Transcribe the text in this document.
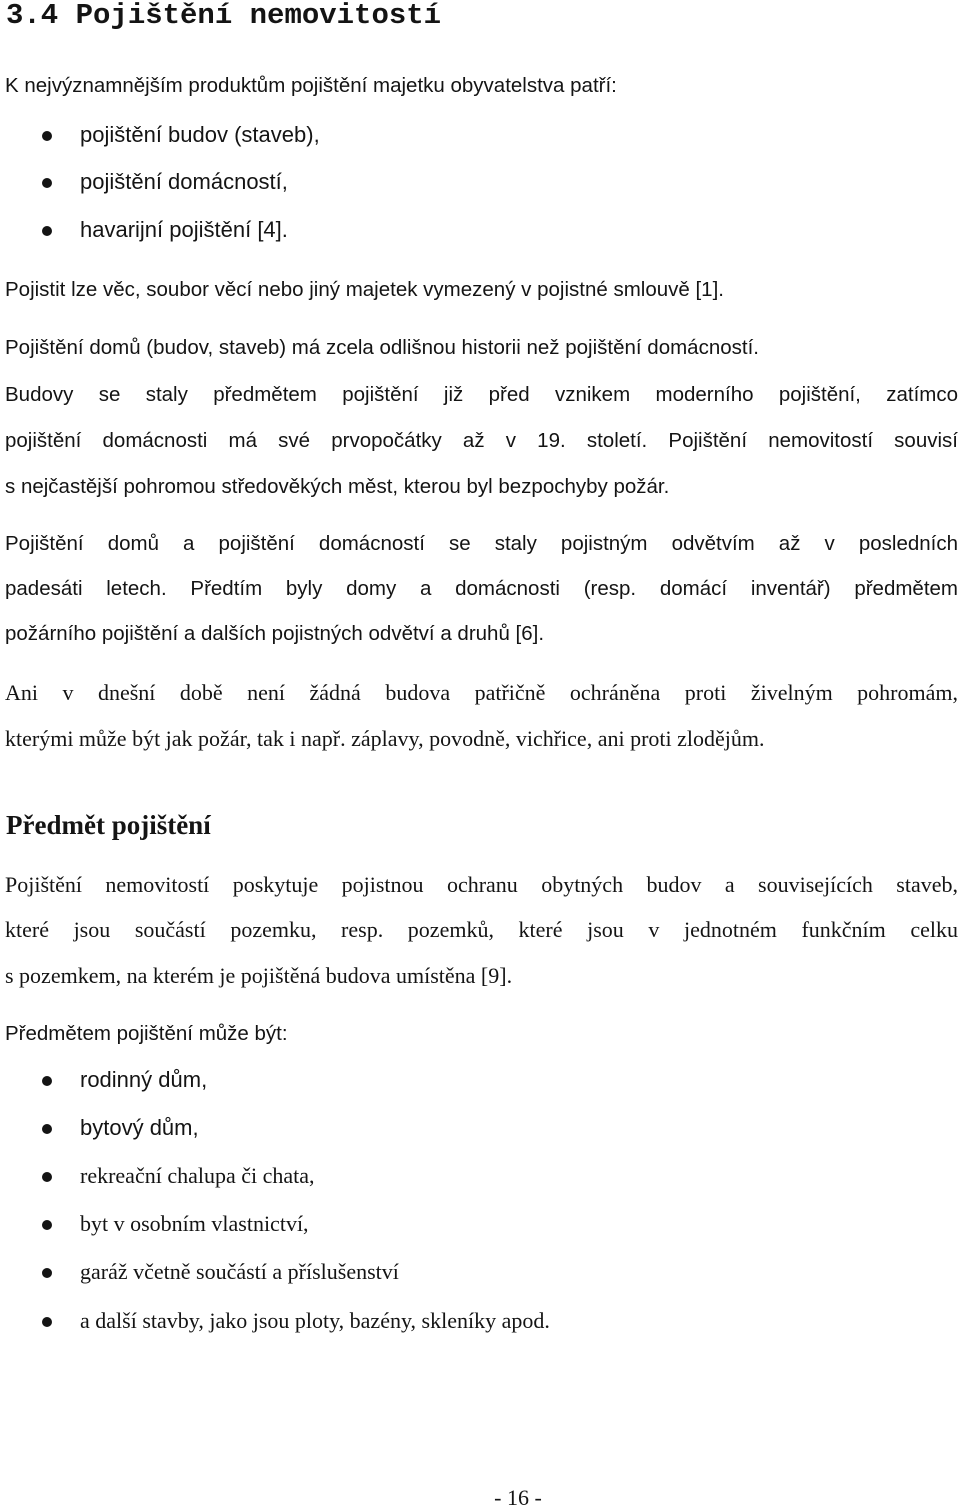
3.4 Pojištění nemovitostí
K nejvýznamnějším produktům pojištění majetku obyvatelstva patří:
pojištění budov (staveb),
pojištění domácností,
havarijní pojištění [4].
Pojistit lze věc, soubor věcí nebo jiný majetek vymezený v pojistné smlouvě [1].
Pojištění domů (budov, staveb) má zcela odlišnou historii než pojištění domácností.
Budovy se staly předmětem pojištění již před vznikem moderního pojištění, zatímco
pojištění domácnosti má své prvopočátky až v 19. století. Pojištění nemovitostí souvisí
s nejčastější pohromou středověkých měst, kterou byl bezpochyby požár.
Pojištění domů a pojištění domácností se staly pojistným odvětvím až v posledních
padesáti letech. Předtím byly domy a domácnosti (resp. domácí inventář) předmětem
požárního pojištění a dalších pojistných odvětví a druhů [6].
Ani v dnešní době není žádná budova patřičně ochráněna proti živelným pohromám,
kterými může být jak požár, tak i např. záplavy, povodně, vichřice, ani proti zlodějům.
Předmět pojištění
Pojištění nemovitostí poskytuje pojistnou ochranu obytných budov a souvisejících staveb,
které jsou součástí pozemku, resp. pozemků, které jsou v jednotném funkčním celku
s pozemkem, na kterém je pojištěná budova umístěna [9].
Předmětem pojištění může být:
rodinný dům,
bytový dům,
rekreační chalupa či chata,
byt v osobním vlastnictví,
garáž včetně součástí a příslušenství
a další stavby, jako jsou ploty, bazény, skleníky apod.
- 16 -
